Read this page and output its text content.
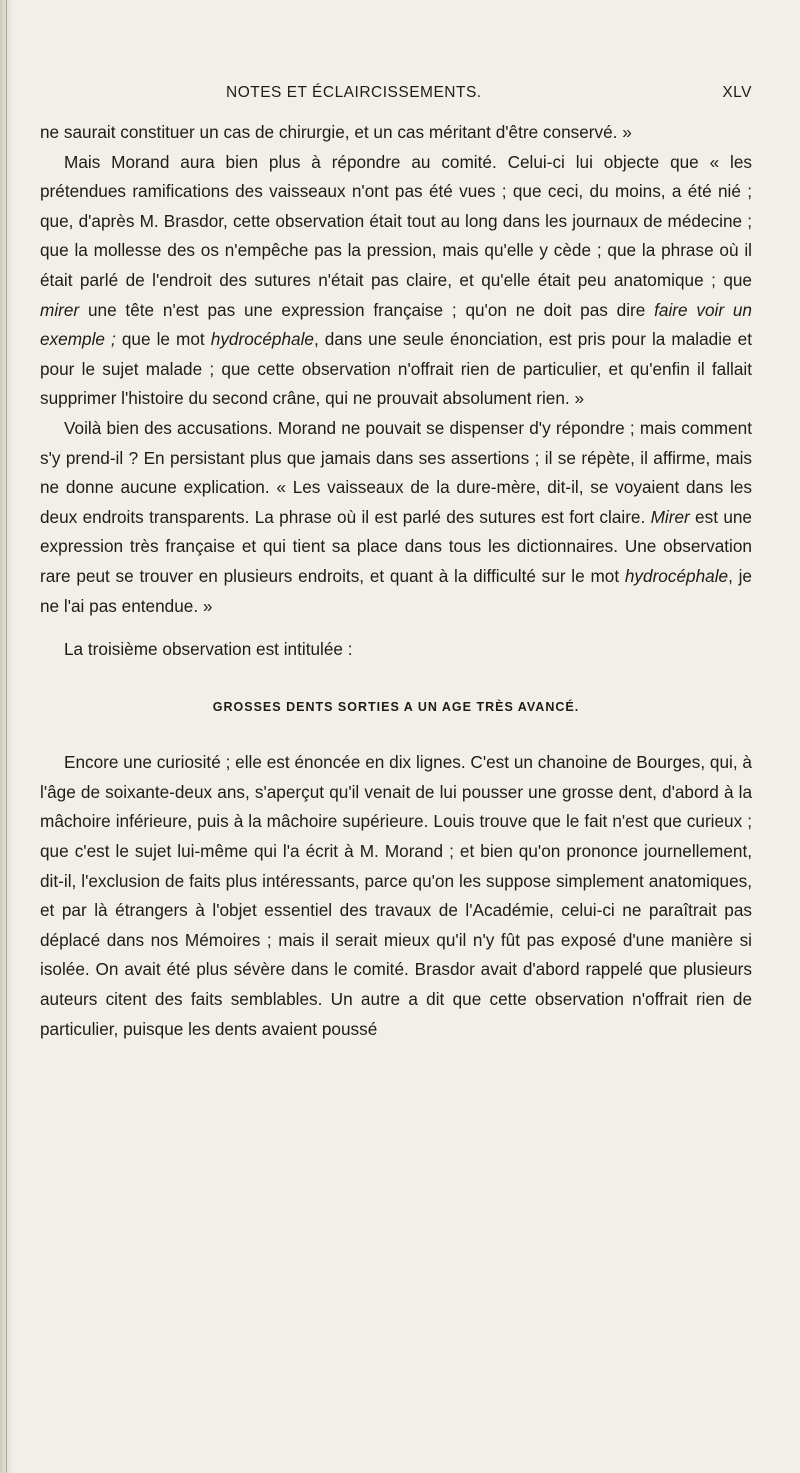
NOTES ET ÉCLAIRCISSEMENTS.	XLV

ne saurait constituer un cas de chirurgie, et un cas méritant d'être conservé. »

Mais Morand aura bien plus à répondre au comité. Celui-ci lui objecte que « les prétendues ramifications des vaisseaux n'ont pas été vues ; que ceci, du moins, a été nié ; que, d'après M. Brasdor, cette observation était tout au long dans les journaux de médecine ; que la mollesse des os n'empêche pas la pression, mais qu'elle y cède ; que la phrase où il était parlé de l'endroit des sutures n'était pas claire, et qu'elle était peu anatomique ; que mirer une tête n'est pas une expression française ; qu'on ne doit pas dire faire voir un exemple ; que le mot hydrocéphale, dans une seule énonciation, est pris pour la maladie et pour le sujet malade ; que cette observation n'offrait rien de particulier, et qu'enfin il fallait supprimer l'histoire du second crâne, qui ne prouvait absolument rien. »

Voilà bien des accusations. Morand ne pouvait se dispenser d'y répondre ; mais comment s'y prend-il ? En persistant plus que jamais dans ses assertions ; il se répète, il affirme, mais ne donne aucune explication. « Les vaisseaux de la dure-mère, dit-il, se voyaient dans les deux endroits transparents. La phrase où il est parlé des sutures est fort claire. Mirer est une expression très française et qui tient sa place dans tous les dictionnaires. Une observation rare peut se trouver en plusieurs endroits, et quant à la difficulté sur le mot hydrocéphale, je ne l'ai pas entendue. »

La troisième observation est intitulée :

GROSSES DENTS SORTIES A UN AGE TRÈS AVANCÉ.

Encore une curiosité ; elle est énoncée en dix lignes. C'est un chanoine de Bourges, qui, à l'âge de soixante-deux ans, s'aperçut qu'il venait de lui pousser une grosse dent, d'abord à la mâchoire inférieure, puis à la mâchoire supérieure. Louis trouve que le fait n'est que curieux ; que c'est le sujet lui-même qui l'a écrit à M. Morand ; et bien qu'on prononce journellement, dit-il, l'exclusion de faits plus intéressants, parce qu'on les suppose simplement anatomiques, et par là étrangers à l'objet essentiel des travaux de l'Académie, celui-ci ne paraîtrait pas déplacé dans nos Mémoires ; mais il serait mieux qu'il n'y fût pas exposé d'une manière si isolée. On avait été plus sévère dans le comité. Brasdor avait d'abord rappelé que plusieurs auteurs citent des faits semblables. Un autre a dit que cette observation n'offrait rien de particulier, puisque les dents avaient poussé
